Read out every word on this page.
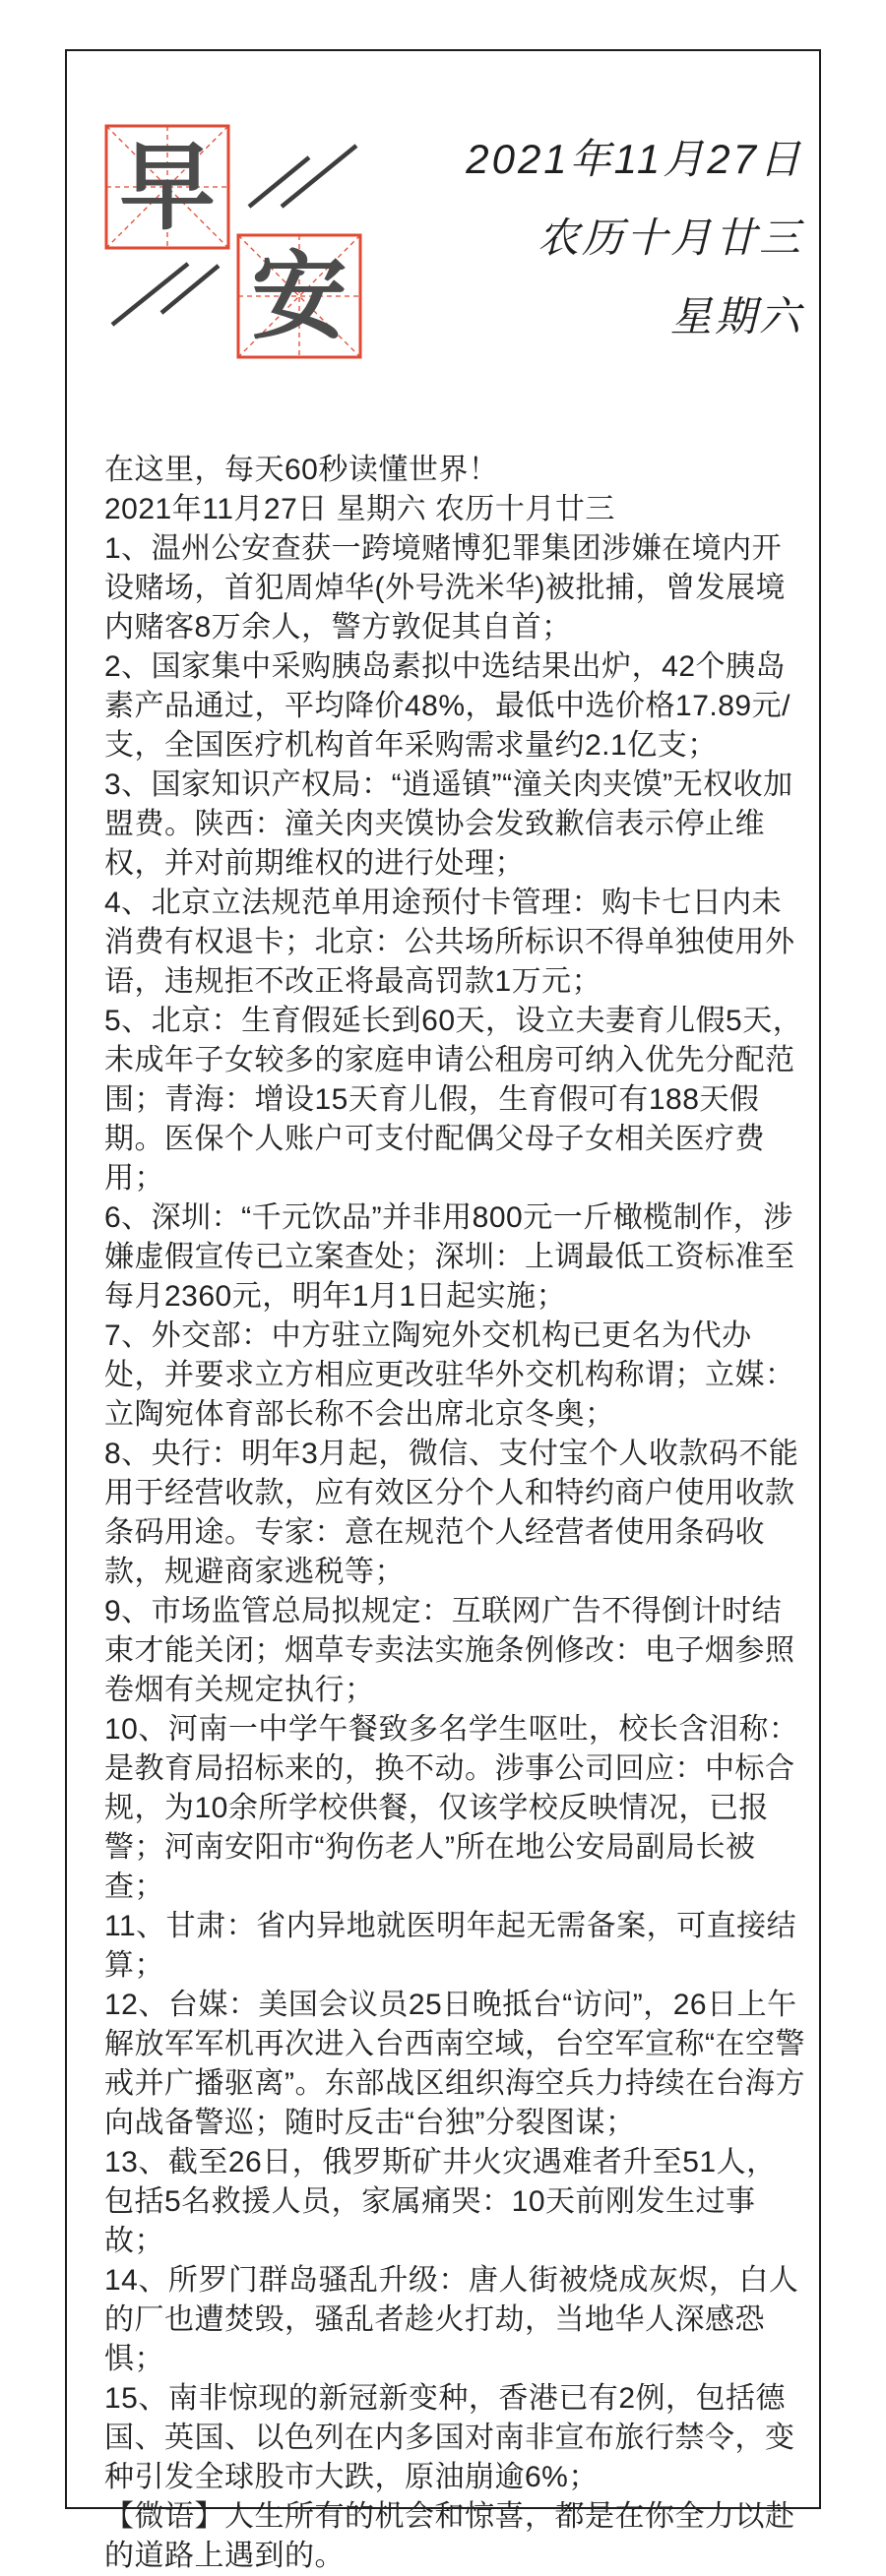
早
安
2021年11月27日
农历十月廿三
星期六

在这里，每天60秒读懂世界！

2021年11月27日 星期六 农历十月廿三

1、温州公安查获一跨境赌博犯罪集团涉嫌在境内开设赌场，首犯周焯华(外号洗米华)被批捕，曾发展境内赌客8万余人，警方敦促其自首；

2、国家集中采购胰岛素拟中选结果出炉，42个胰岛素产品通过，平均降价48%，最低中选价格17.89元/支，全国医疗机构首年采购需求量约2.1亿支；

3、国家知识产权局：“逍遥镇”“潼关肉夹馍”无权收加盟费。陕西：潼关肉夹馍协会发致歉信表示停止维权，并对前期维权的进行处理；

4、北京立法规范单用途预付卡管理：购卡七日内未消费有权退卡；北京：公共场所标识不得单独使用外语，违规拒不改正将最高罚款1万元；

5、北京：生育假延长到60天，设立夫妻育儿假5天，未成年子女较多的家庭申请公租房可纳入优先分配范围；青海：增设15天育儿假，生育假可有188天假期。医保个人账户可支付配偶父母子女相关医疗费用；

6、深圳：“千元饮品”并非用800元一斤橄榄制作，涉嫌虚假宣传已立案查处；深圳：上调最低工资标准至每月2360元，明年1月1日起实施；

7、外交部：中方驻立陶宛外交机构已更名为代办处，并要求立方相应更改驻华外交机构称谓；立媒：立陶宛体育部长称不会出席北京冬奥；

8、央行：明年3月起，微信、支付宝个人收款码不能用于经营收款，应有效区分个人和特约商户使用收款条码用途。专家：意在规范个人经营者使用条码收款，规避商家逃税等；

9、市场监管总局拟规定：互联网广告不得倒计时结束才能关闭；烟草专卖法实施条例修改：电子烟参照卷烟有关规定执行；

10、河南一中学午餐致多名学生呕吐，校长含泪称：是教育局招标来的，换不动。涉事公司回应：中标合规，为10余所学校供餐，仅该学校反映情况，已报警；河南安阳市“狗伤老人”所在地公安局副局长被查；

11、甘肃：省内异地就医明年起无需备案，可直接结算；

12、台媒：美国会议员25日晚抵台“访问”，26日上午解放军军机再次进入台西南空域，台空军宣称“在空警戒并广播驱离”。东部战区组织海空兵力持续在台海方向战备警巡；随时反击“台独”分裂图谋；

13、截至26日，俄罗斯矿井火灾遇难者升至51人，包括5名救援人员，家属痛哭：10天前刚发生过事故；

14、所罗门群岛骚乱升级：唐人街被烧成灰烬，白人的厂也遭焚毁，骚乱者趁火打劫，当地华人深感恐惧；

15、南非惊现的新冠新变种，香港已有2例，包括德国、英国、以色列在内多国对南非宣布旅行禁令，变种引发全球股市大跌，原油崩逾6%；

【微语】人生所有的机会和惊喜，都是在你全力以赴的道路上遇到的。
